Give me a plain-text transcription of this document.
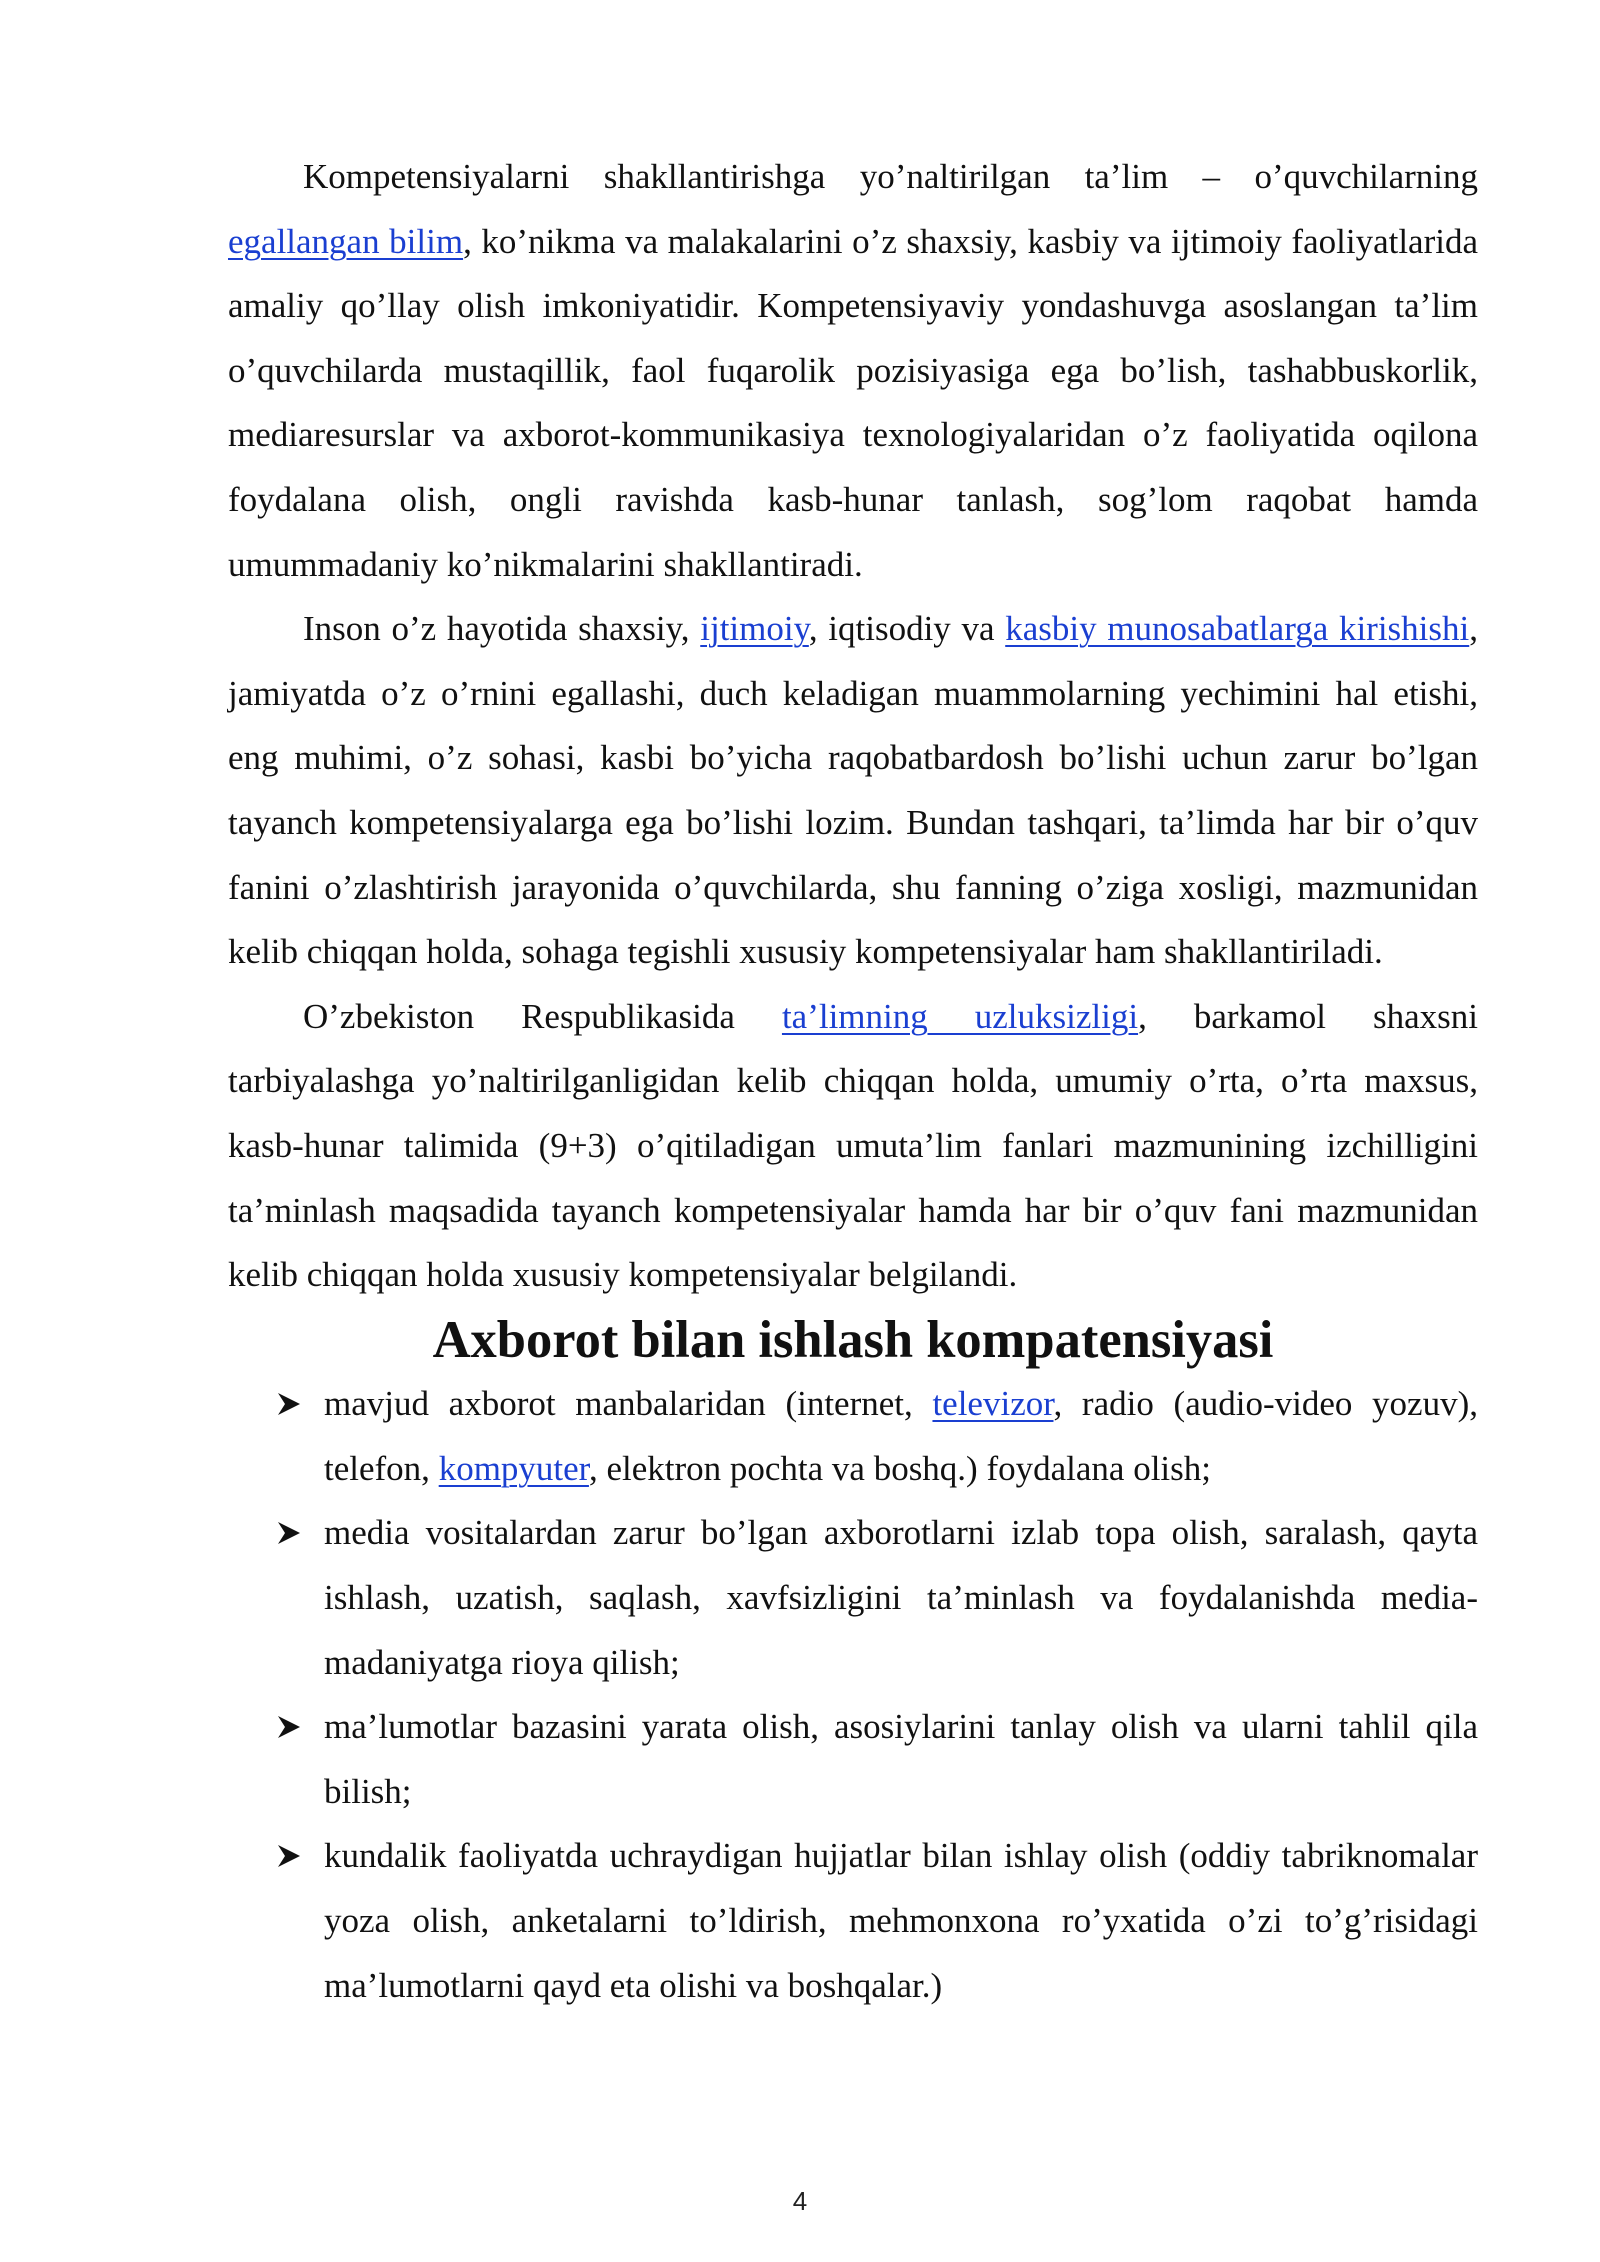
Kompetensiyalarni shakllantirishga yo’naltirilgan ta’lim – o’quvchilarning egallangan bilim, ko’nikma va malakalarini o’z shaxsiy, kasbiy va ijtimoiy faoliyatlarida amaliy qo’llay olish imkoniyatidir. Kompetensiyaviy yondashuvga asoslangan ta’lim o’quvchilarda mustaqillik, faol fuqarolik pozisiyasiga ega bo’lish, tashabbuskorlik, mediaresurslar va axborot-kommunikasiya texnologiyalaridan o’z faoliyatida oqilona foydalana olish, ongli ravishda kasb-hunar tanlash, sog’lom raqobat hamda umummadaniy ko’nikmalarini shakllantiradi.

Inson o’z hayotida shaxsiy, ijtimoiy, iqtisodiy va kasbiy munosabatlarga kirishishi, jamiyatda o’z o’rnini egallashi, duch keladigan muammolarning yechimini hal etishi, eng muhimi, o’z sohasi, kasbi bo’yicha raqobatbardosh bo’lishi uchun zarur bo’lgan tayanch kompetensiyalarga ega bo’lishi lozim. Bundan tashqari, ta’limda har bir o’quv fanini o’zlashtirish jarayonida o’quvchilarda, shu fanning o’ziga xosligi, mazmunidan kelib chiqqan holda, sohaga tegishli xususiy kompetensiyalar ham shakllantiriladi.

O’zbekiston Respublikasida ta’limning uzluksizligi, barkamol shaxsni tarbiyalashga yo’naltirilganligidan kelib chiqqan holda, umumiy o’rta, o’rta maxsus, kasb-hunar talimida (9+3) o’qitiladigan umuta’lim fanlari mazmunining izchilligini ta’minlash maqsadida tayanch kompetensiyalar hamda har bir o’quv fani mazmunidan kelib chiqqan holda xususiy kompetensiyalar belgilandi.

Axborot bilan ishlash kompatensiyasi
mavjud axborot manbalaridan (internet, televizor, radio (audio-video yozuv), telefon, kompyuter, elektron pochta va boshq.) foydalana olish;
media vositalardan zarur bo’lgan axborotlarni izlab topa olish, saralash, qayta ishlash, uzatish, saqlash, xavfsizligini ta’minlash va foydalanishda media-madaniyatga rioya qilish;
ma’lumotlar bazasini yarata olish, asosiylarini tanlay olish va ularni tahlil qila bilish;
kundalik faoliyatda uchraydigan hujjatlar bilan ishlay olish (oddiy tabriknomalar yoza olish, anketalarni to’ldirish, mehmonxona ro’yxatida o’zi to’g’risidagi ma’lumotlarni qayd eta olishi va boshqalar.)
4
